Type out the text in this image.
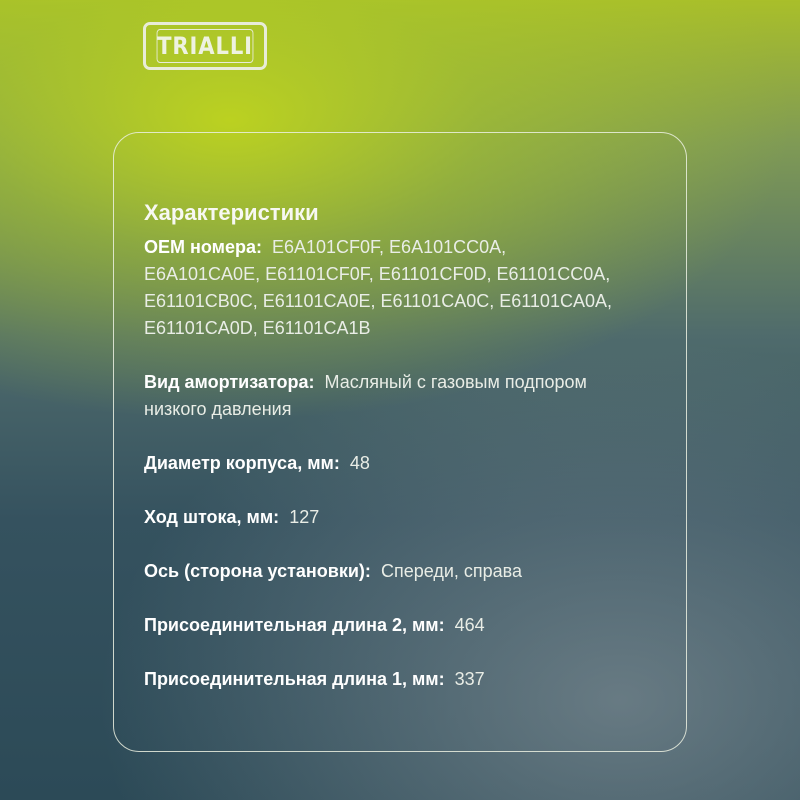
TRIALLI
Характеристики

OEM номера: E6A101CF0F, E6A101CC0A, E6A101CA0E, E61101CF0F, E61101CF0D, E61101CC0A, E61101CB0C, E61101CA0E, E61101CA0C, E61101CA0A, E61101CA0D, E61101CA1B

Вид амортизатора: Масляный с газовым подпором низкого давления

Диаметр корпуса, мм: 48

Ход штока, мм: 127

Ось (сторона установки): Спереди, справа

Присоединительная длина 2, мм: 464

Присоединительная длина 1, мм: 337
